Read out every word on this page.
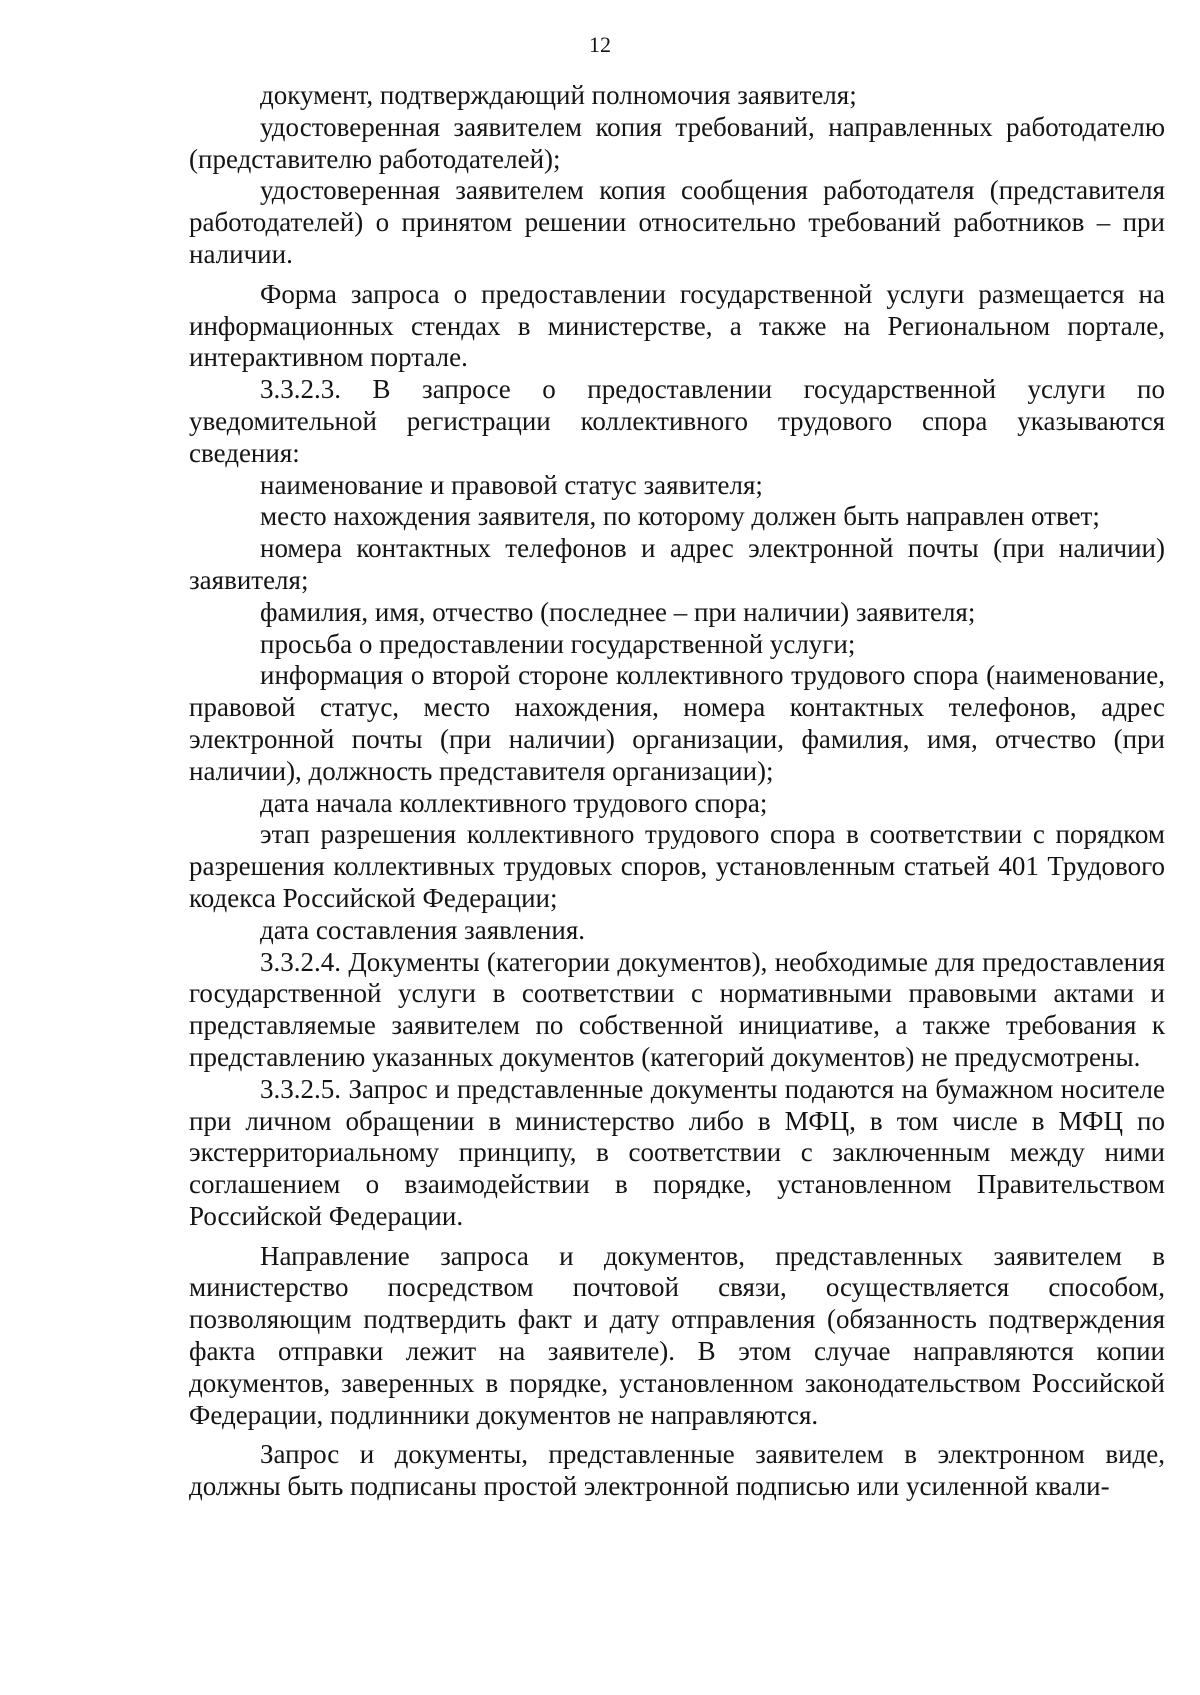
12

документ, подтверждающий полномочия заявителя;

удостоверенная заявителем копия требований, направленных работодателю (представителю работодателей);

удостоверенная заявителем копия сообщения работодателя (представителя работодателей) о принятом решении относительно требований работников – при наличии.

Форма запроса о предоставлении государственной услуги размещается на информационных стендах в министерстве, а также на Региональном портале, интерактивном портале.

3.3.2.3. В запросе о предоставлении государственной услуги по уведомительной регистрации коллективного трудового спора указываются сведения:

наименование и правовой статус заявителя;

место нахождения заявителя, по которому должен быть направлен ответ;

номера контактных телефонов и адрес электронной почты (при наличии) заявителя;

фамилия, имя, отчество (последнее – при наличии) заявителя;

просьба о предоставлении государственной услуги;

информация о второй стороне коллективного трудового спора (наименование, правовой статус, место нахождения, номера контактных телефонов, адрес электронной почты (при наличии) организации, фамилия, имя, отчество (при наличии), должность представителя организации);

дата начала коллективного трудового спора;

этап разрешения коллективного трудового спора в соответствии с порядком разрешения коллективных трудовых споров, установленным статьей 401 Трудового кодекса Российской Федерации;

дата составления заявления.

3.3.2.4. Документы (категории документов), необходимые для предоставления государственной услуги в соответствии с нормативными правовыми актами и представляемые заявителем по собственной инициативе, а также требования к представлению указанных документов (категорий документов) не предусмотрены.

3.3.2.5. Запрос и представленные документы подаются на бумажном носителе при личном обращении в министерство либо в МФЦ, в том числе в МФЦ по экстерриториальному принципу, в соответствии с заключенным между ними соглашением о взаимодействии в порядке, установленном Правительством Российской Федерации.

Направление запроса и документов, представленных заявителем в министерство посредством почтовой связи, осуществляется способом, позволяющим подтвердить факт и дату отправления (обязанность подтверждения факта отправки лежит на заявителе). В этом случае направляются копии документов, заверенных в порядке, установленном законодательством Российской Федерации, подлинники документов не направляются.

Запрос и документы, представленные заявителем в электронном виде, должны быть подписаны простой электронной подписью или усиленной квали-
